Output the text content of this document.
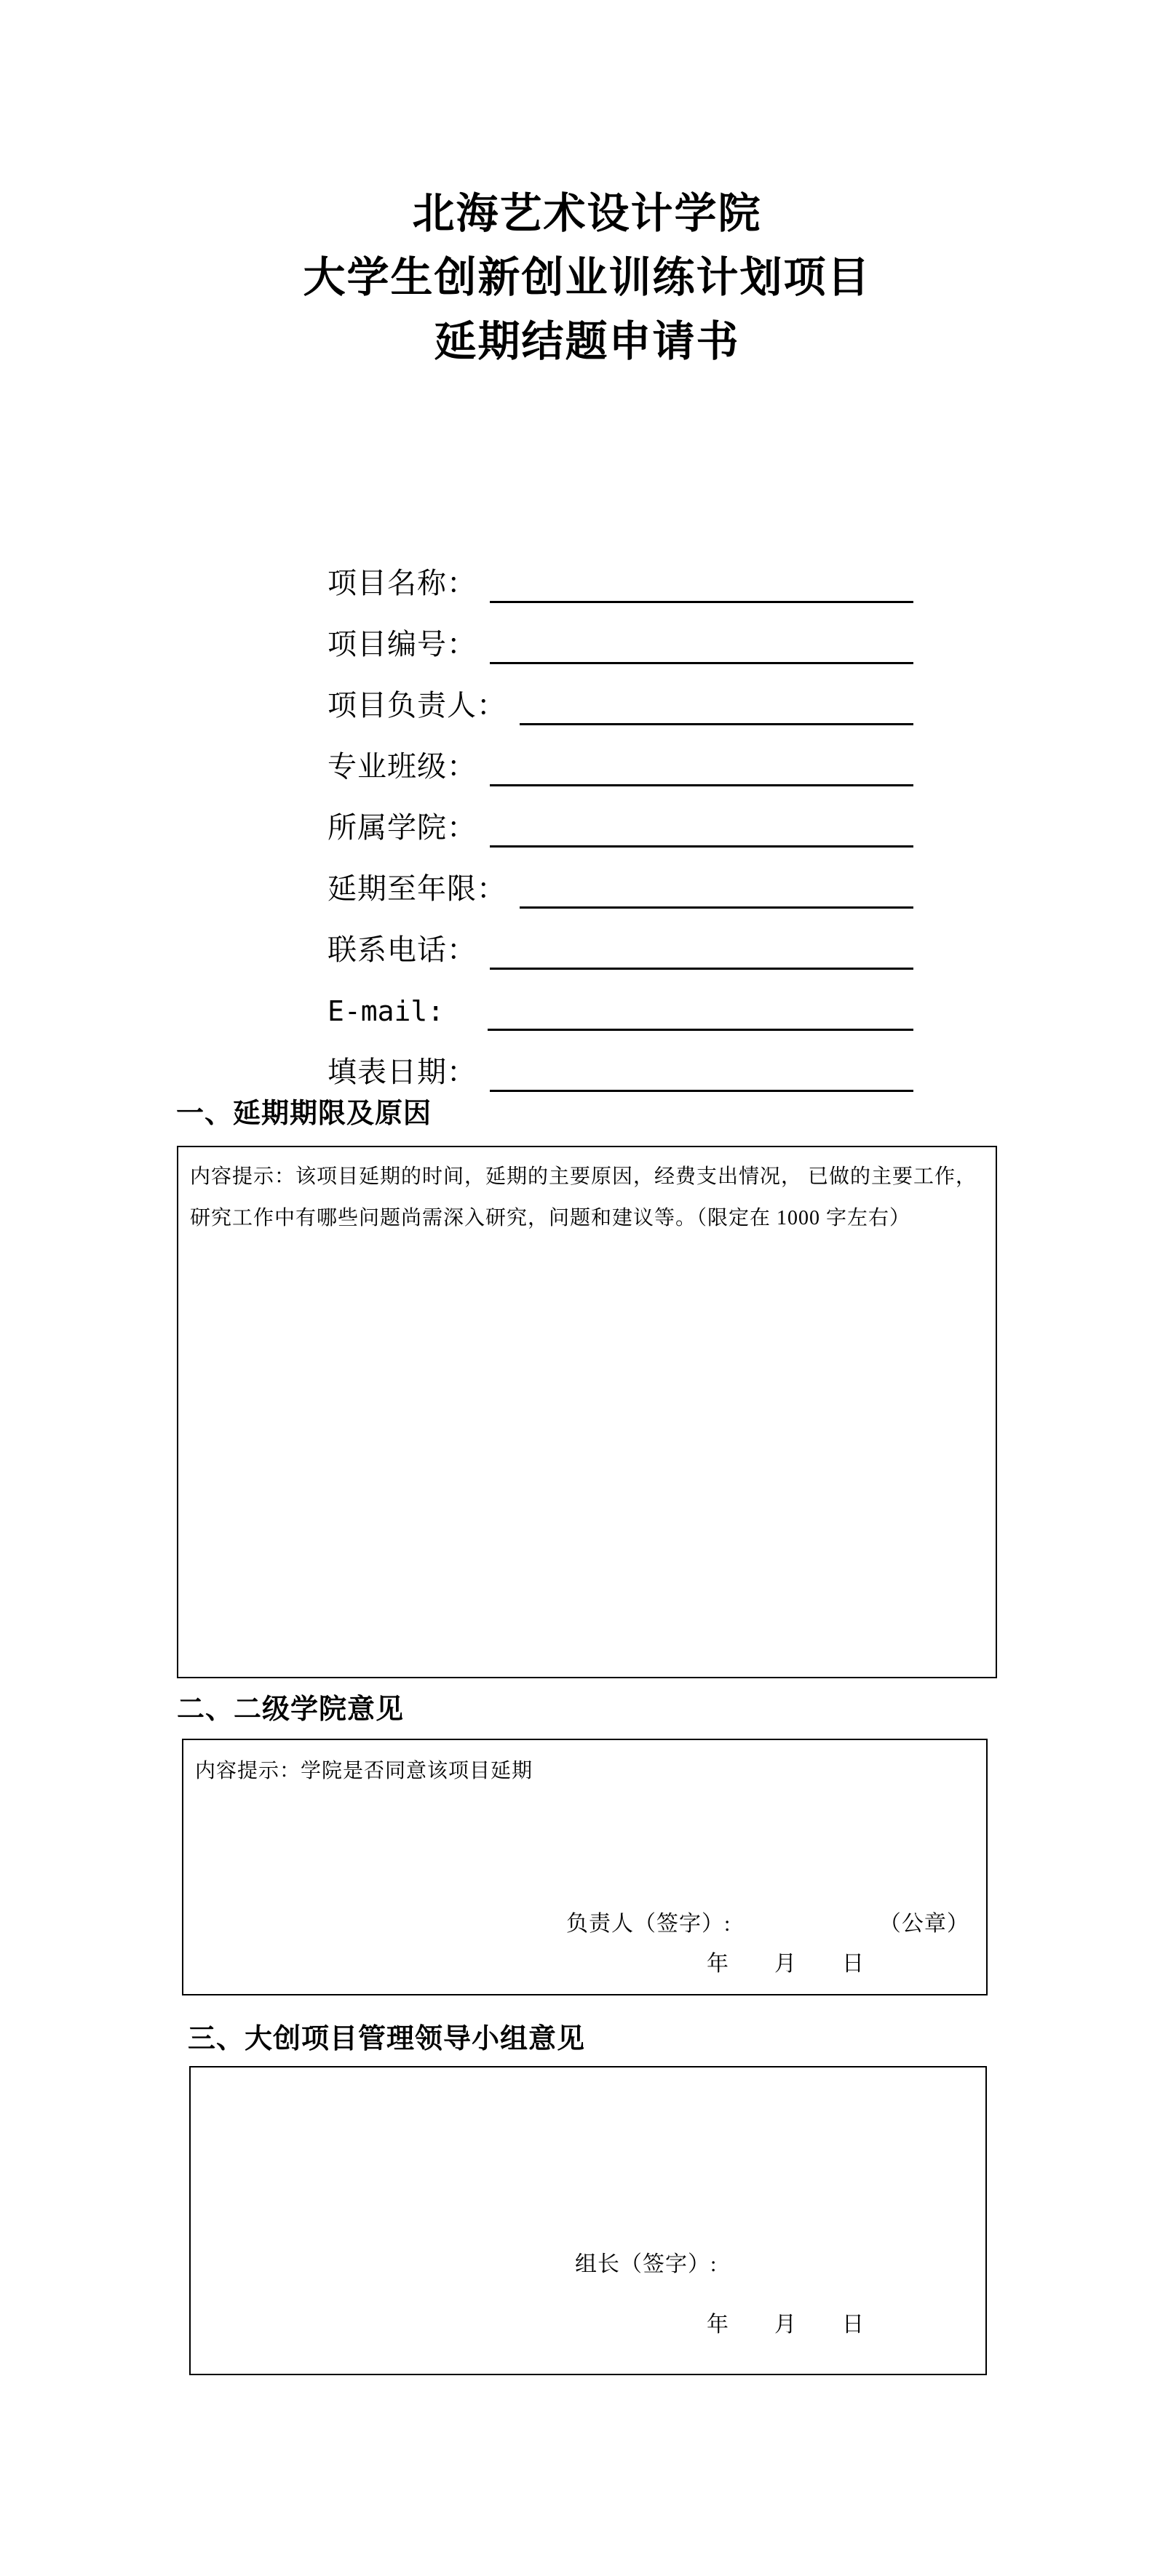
北海艺术设计学院
大学生创新创业训练计划项目
延期结题申请书
项目名称：
项目编号：
项目负责人：
专业班级：
所属学院：
延期至年限：
联系电话：
E-mail:
填表日期：
一、延期期限及原因
内容提示：该项目延期的时间，延期的主要原因，经费支出情况， 已做的主要工作，研究工作中有哪些问题尚需深入研究，问题和建议等。（限定在 1000 字左右）
二、二级学院意见
内容提示：学院是否同意该项目延期
负责人（签字）:	（公章）
年　　月　　日
三、大创项目管理领导小组意见
组长（签字）:
年　　月　　日
